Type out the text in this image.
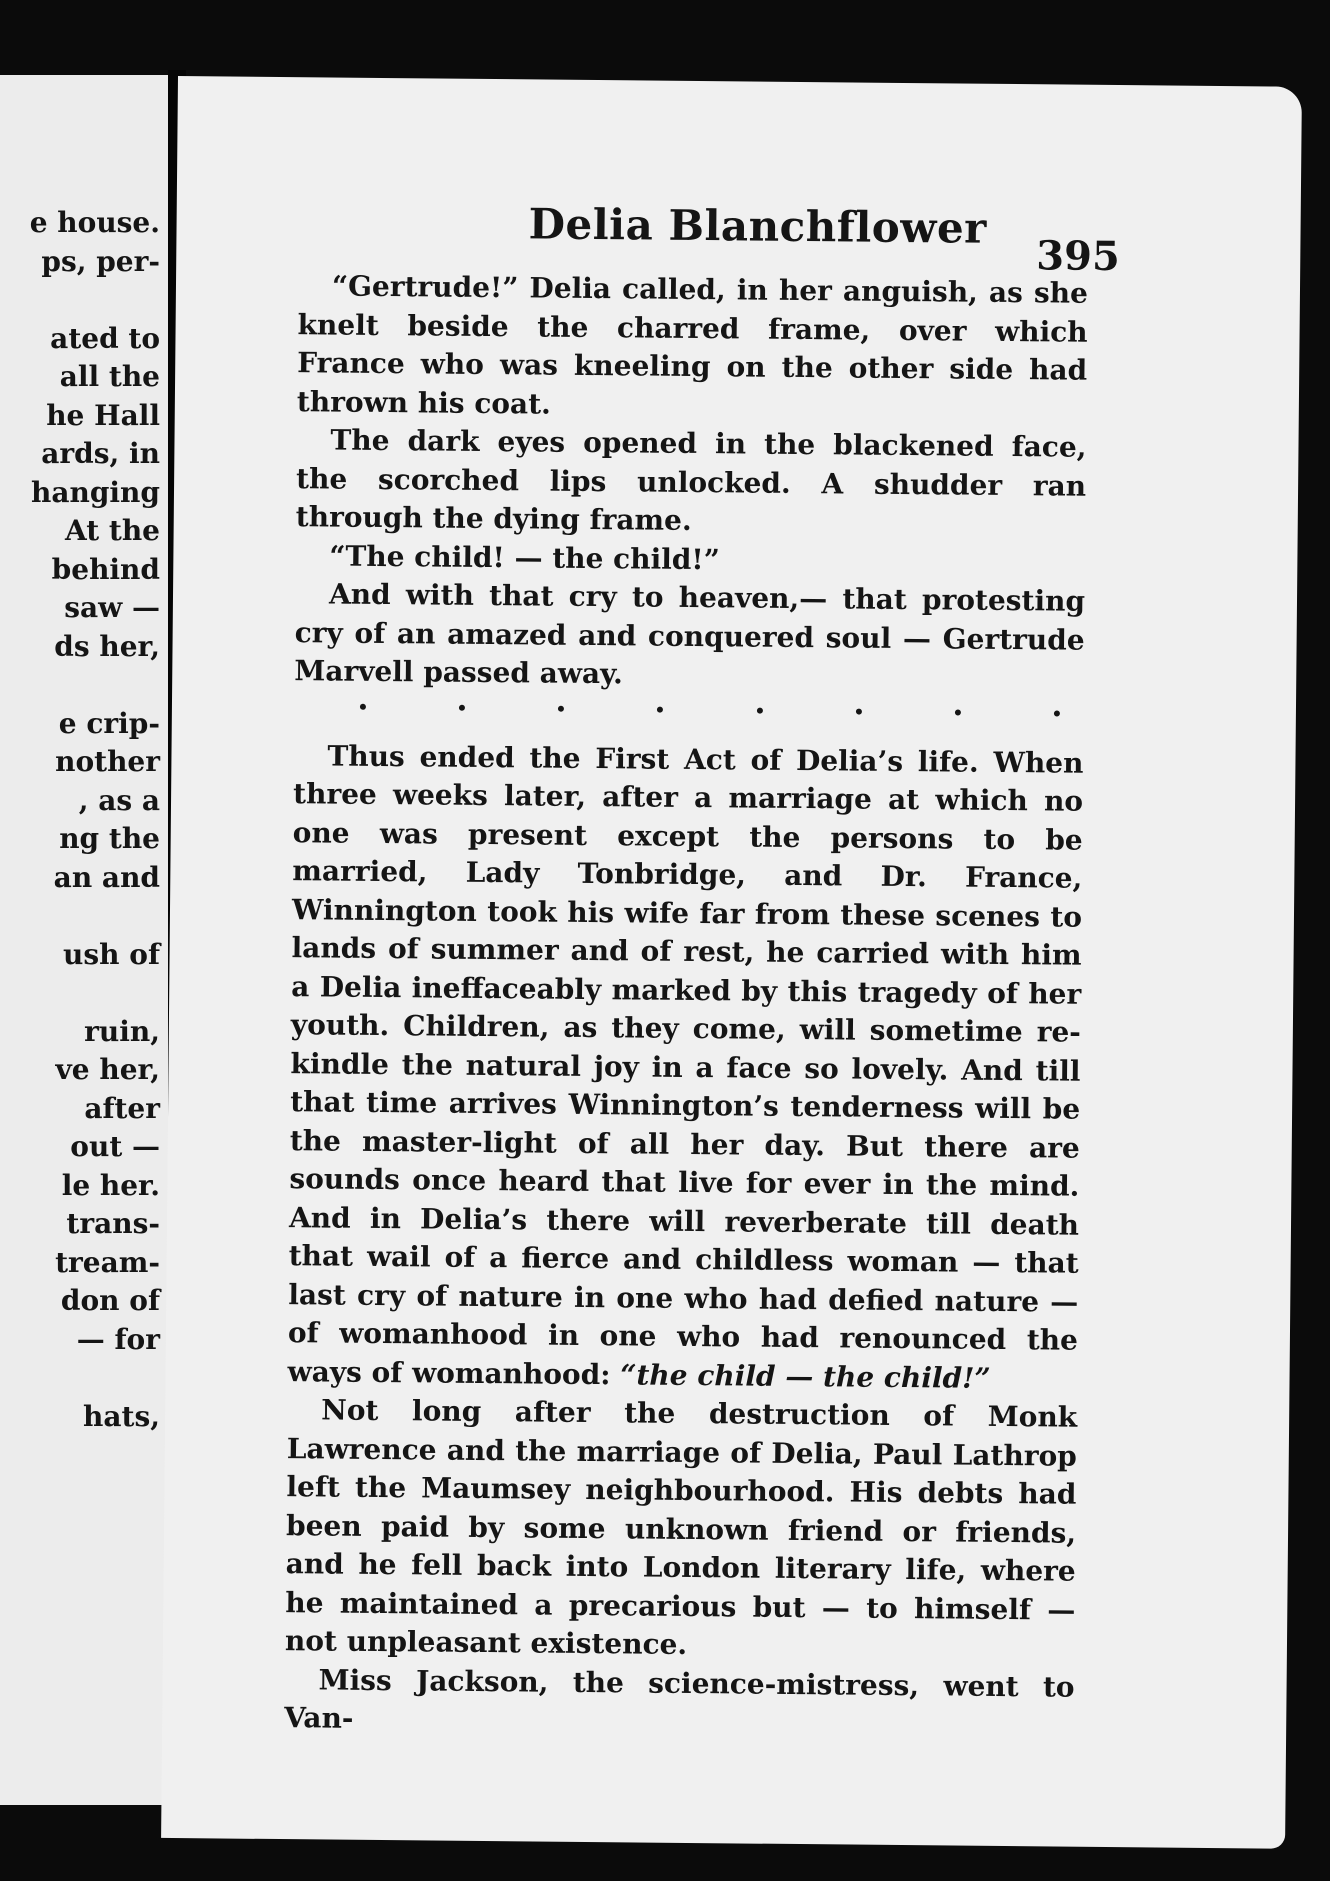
e house.
ps, per-
ated to
all the
he Hall
ards, in
hanging
At the
behind
saw —
ds her,
e crip-
nother
, as a
ng the
an and
ush of
ruin,
ve her,
after
out —
le her.
trans-
tream-
don of
— for
hats,
Delia Blanchflower
395

“Gertrude!” Delia called, in her anguish, as she knelt beside the charred frame, over which France who was kneeling on the other side had thrown his coat.

The dark eyes opened in the blackened face, the scorched lips unlocked. A shudder ran through the dying frame.

“The child! — the child!”

And with that cry to heaven,— that protesting cry of an amazed and conquered soul — Gertrude Marvell passed away.

Thus ended the First Act of Delia’s life. When three weeks later, after a marriage at which no one was present except the persons to be married, Lady Tonbridge, and Dr. France, Winnington took his wife far from these scenes to lands of summer and of rest, he carried with him a Delia ineffaceably marked by this tragedy of her youth. Children, as they come, will sometime re-kindle the natural joy in a face so lovely. And till that time arrives Winnington’s tenderness will be the master-light of all her day. But there are sounds once heard that live for ever in the mind. And in Delia’s there will reverberate till death that wail of a fierce and childless woman — that last cry of nature in one who had defied nature — of womanhood in one who had renounced the ways of womanhood: “the child — the child!”

Not long after the destruction of Monk Lawrence and the marriage of Delia, Paul Lathrop left the Maumsey neighbourhood. His debts had been paid by some unknown friend or friends, and he fell back into London literary life, where he maintained a precarious but — to himself — not unpleasant existence.

Miss Jackson, the science-mistress, went to Van-
